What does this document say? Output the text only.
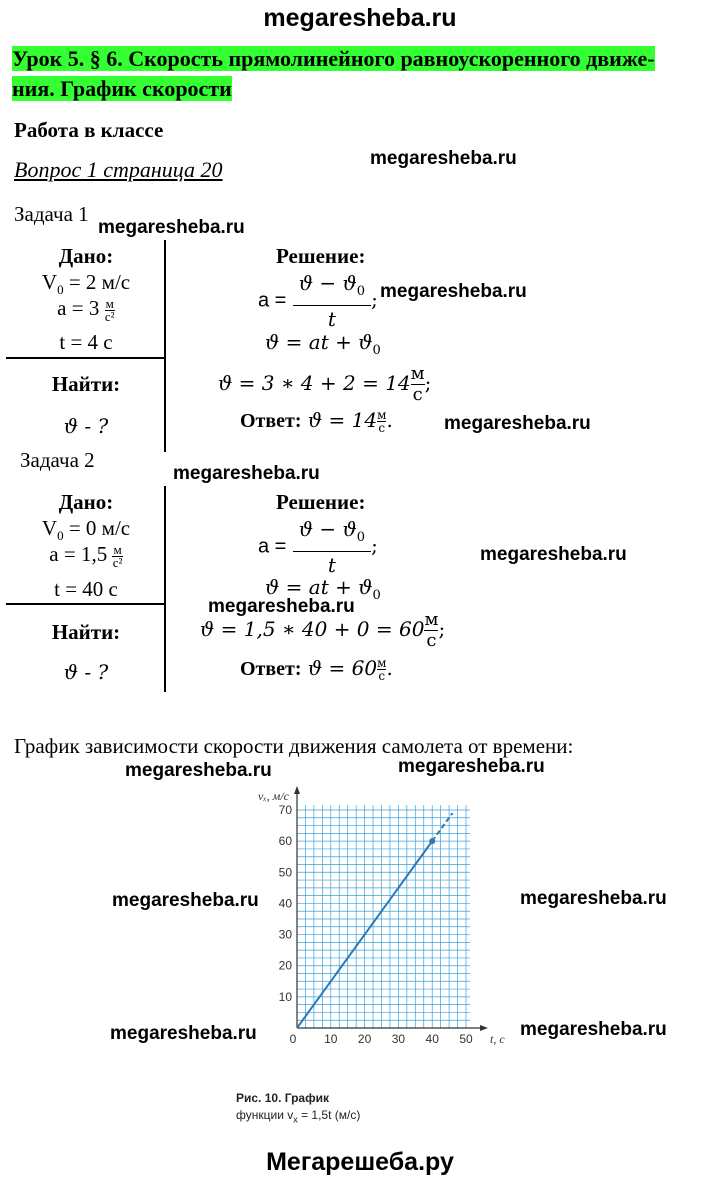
megaresheba.ru
Урок 5. § 6. Скорость прямолинейного равноускоренного движе-
ния. График скорости
Работа в классе
Вопрос 1 страница 20	megaresheba.ru
megaresheba.ru
megaresheba.ru
megaresheba.ru
megaresheba.ru
megaresheba.ru
megaresheba.ru
megaresheba.ru	megaresheba.ru
megaresheba.ru	megaresheba.ru
megaresheba.ru	megaresheba.ru
Задача 1
Дано:
$V_0 = 2$ м/с
$a = 3 \frac{м}{\text{с²}}$
t = 4 с
Найти:
ϑ - ?
Решение:
$a = \frac{ϑ - ϑ_0}{t}$ ;
ϑ = at + $ϑ_0$
ϑ = 3 ∗ $4 + 2 = 14 \frac{м}{с}$;
Ответ: $ϑ = 14 \frac{м}{с}$.
Задача 2
Дано:
$V_0 = 0$ м/с
$a = 1,5 \frac{м}{\text{с²}}$
t = 40 с
Найти:
ϑ - ?
Решение:
$a = \frac{ϑ - ϑ_0}{t}$ ;
ϑ = at + $ϑ_0$
ϑ = 1,5 ∗ $40 + 0 = 60 \frac{м}{с}$;
Ответ: $ϑ = 60 \frac{м}{с}$.
График зависимости скорости движения самолета от времени:
10
20
30
40
50
60
70
0 10 20 30 40 50
vₓ, м/с
t, с
Рис. 10. График
функции $v_x = 1,5t$ (м/с)
Мегарешеба.ру
